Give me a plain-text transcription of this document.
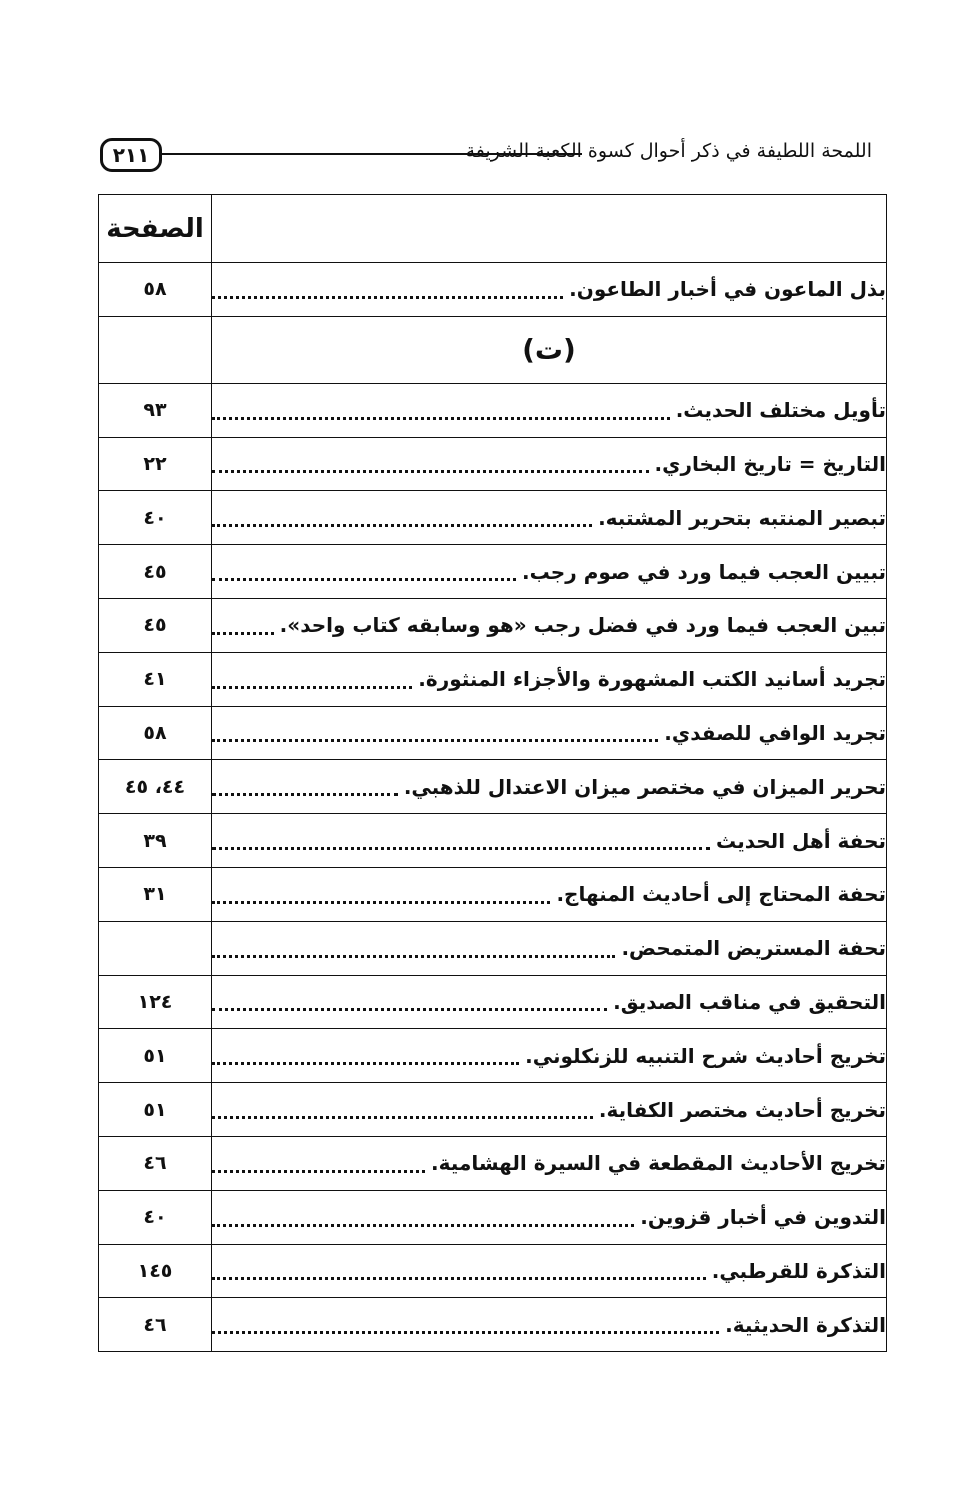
٢١١	اللمحة اللطيفة في ذكر أحوال كسوة الكعبة الشريفة
	الصفحة

بذل الماعون في أخبار الطاعون.	٥٨

(ت)	

تأويل مختلف الحديث.	٩٣

التاريخ = تاريخ البخاري.	٢٢

تبصير المنتبه بتحرير المشتبه.	٤٠

تبيين العجب فيما ورد في صوم رجب.	٤٥

تبين العجب فيما ورد في فضل رجب «هو وسابقه كتاب واحد».	٤٥

تجريد أسانيد الكتب المشهورة والأجزاء المنثورة.	٤١

تجريد الوافي للصفدي.	٥٨

تحرير الميزان في مختصر ميزان الاعتدال للذهبي.	٤٤، ٤٥

تحفة أهل الحديث	٣٩

تحفة المحتاج إلى أحاديث المنهاج.	٣١

تحفة المستريض المتمحض.	

التحقيق في مناقب الصديق.	١٢٤

تخريج أحاديث شرح التنبيه للزنكلوني.	٥١

تخريج أحاديث مختصر الكفاية.	٥١

تخريج الأحاديث المقطعة في السيرة الهشامية.	٤٦

التدوين في أخبار قزوين.	٤٠

التذكرة للقرطبي.	١٤٥

التذكرة الحديثية.	٤٦
